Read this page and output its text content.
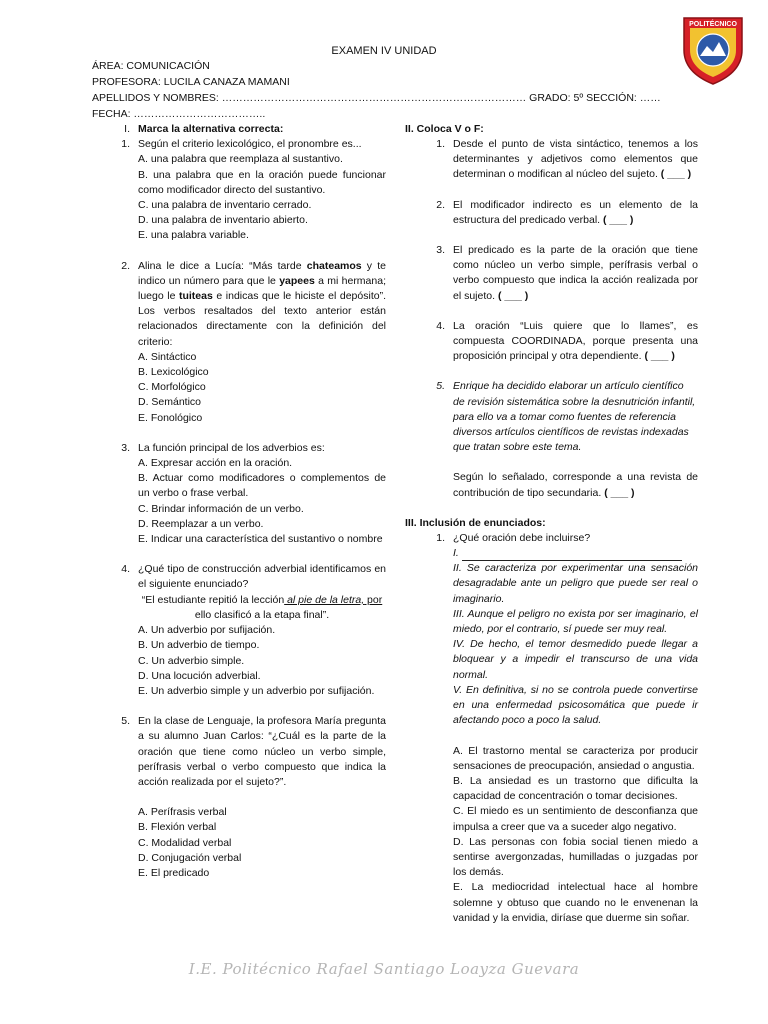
EXAMEN IV UNIDAD
ÁREA: COMUNICACIÓN
PROFESORA: LUCILA CANAZA MAMANI
APELLIDOS Y NOMBRES: …………………………………………………………………………… GRADO: 5º SECCIÓN: ……
FECHA: ………………………………..
POLITÉCNICO
I. Marca la alternativa correcta:
1. Según el criterio lexicológico, el pronombre es...
A. una palabra que reemplaza al sustantivo.
B. una palabra que en la oración puede funcionar como modificador directo del sustantivo.
C. una palabra de inventario cerrado.
D. una palabra de inventario abierto.
E. una palabra variable.
2. Alina le dice a Lucía: “Más tarde chateamos y te indico un número para que le yapees a mi hermana; luego le tuiteas e indicas que le hiciste el depósito”. Los verbos resaltados del texto anterior están relacionados directamente con la definición del criterio:
A. Sintáctico
B. Lexicológico
C. Morfológico
D. Semántico
E. Fonológico
3. La función principal de los adverbios es:
A. Expresar acción en la oración.
B. Actuar como modificadores o complementos de un verbo o frase verbal.
C. Brindar información de un verbo.
D. Reemplazar a un verbo.
E. Indicar una característica del sustantivo o nombre
4. ¿Qué tipo de construcción adverbial identificamos en el siguiente enunciado?
“El estudiante repitió la lección al pie de la letra, por
ello clasificó a la etapa final”.
A. Un adverbio por sufijación.
B. Un adverbio de tiempo.
C. Un adverbio simple.
D. Una locución adverbial.
E. Un adverbio simple y un adverbio por sufijación.
5. En la clase de Lenguaje, la profesora María pregunta a su alumno Juan Carlos: “¿Cuál es la parte de la oración que tiene como núcleo un verbo simple, perífrasis verbal o verbo compuesto que indica la acción realizada por el sujeto?”.
A. Perífrasis verbal
B. Flexión verbal
C. Modalidad verbal
D. Conjugación verbal
E. El predicado
II. Coloca V o F:
1. Desde el punto de vista sintáctico, tenemos a los determinantes y adjetivos como elementos que determinan o modifican al núcleo del sujeto. ( ___ )
2. El modificador indirecto es un elemento de la estructura del predicado verbal. ( ___ )
3. El predicado es la parte de la oración que tiene como núcleo un verbo simple, perífrasis verbal o verbo compuesto que indica la acción realizada por el sujeto. ( ___ )
4. La oración “Luis quiere que lo llames”, es compuesta COORDINADA, porque presenta una proposición principal y otra dependiente. ( ___ )
5. Enrique ha decidido elaborar un artículo científico de revisión sistemática sobre la desnutrición infantil, para ello va a tomar como fuentes de referencia diversos artículos científicos de revistas indexadas que tratan sobre este tema.
Según lo señalado, corresponde a una revista de contribución de tipo secundaria. ( ___ )
III. Inclusión de enunciados:
1. ¿Qué oración debe incluirse?
I.
II. Se caracteriza por experimentar una sensación desagradable ante un peligro que puede ser real o imaginario.
III. Aunque el peligro no exista por ser imaginario, el miedo, por el contrario, sí puede ser muy real.
IV. De hecho, el temor desmedido puede llegar a bloquear y a impedir el transcurso de una vida normal.
V. En definitiva, si no se controla puede convertirse en una enfermedad psicosomática que puede ir afectando poco a poco la salud.
A. El trastorno mental se caracteriza por producir sensaciones de preocupación, ansiedad o angustia.
B. La ansiedad es un trastorno que dificulta la capacidad de concentración o tomar decisiones.
C. El miedo es un sentimiento de desconfianza que impulsa a creer que va a suceder algo negativo.
D. Las personas con fobia social tienen miedo a sentirse avergonzadas, humilladas o juzgadas por los demás.
E. La mediocridad intelectual hace al hombre solemne y obtuso que cuando no le envenenan la vanidad y la envidia, diríase que duerme sin soñar.
I.E. Politécnico Rafael Santiago Loayza Guevara
